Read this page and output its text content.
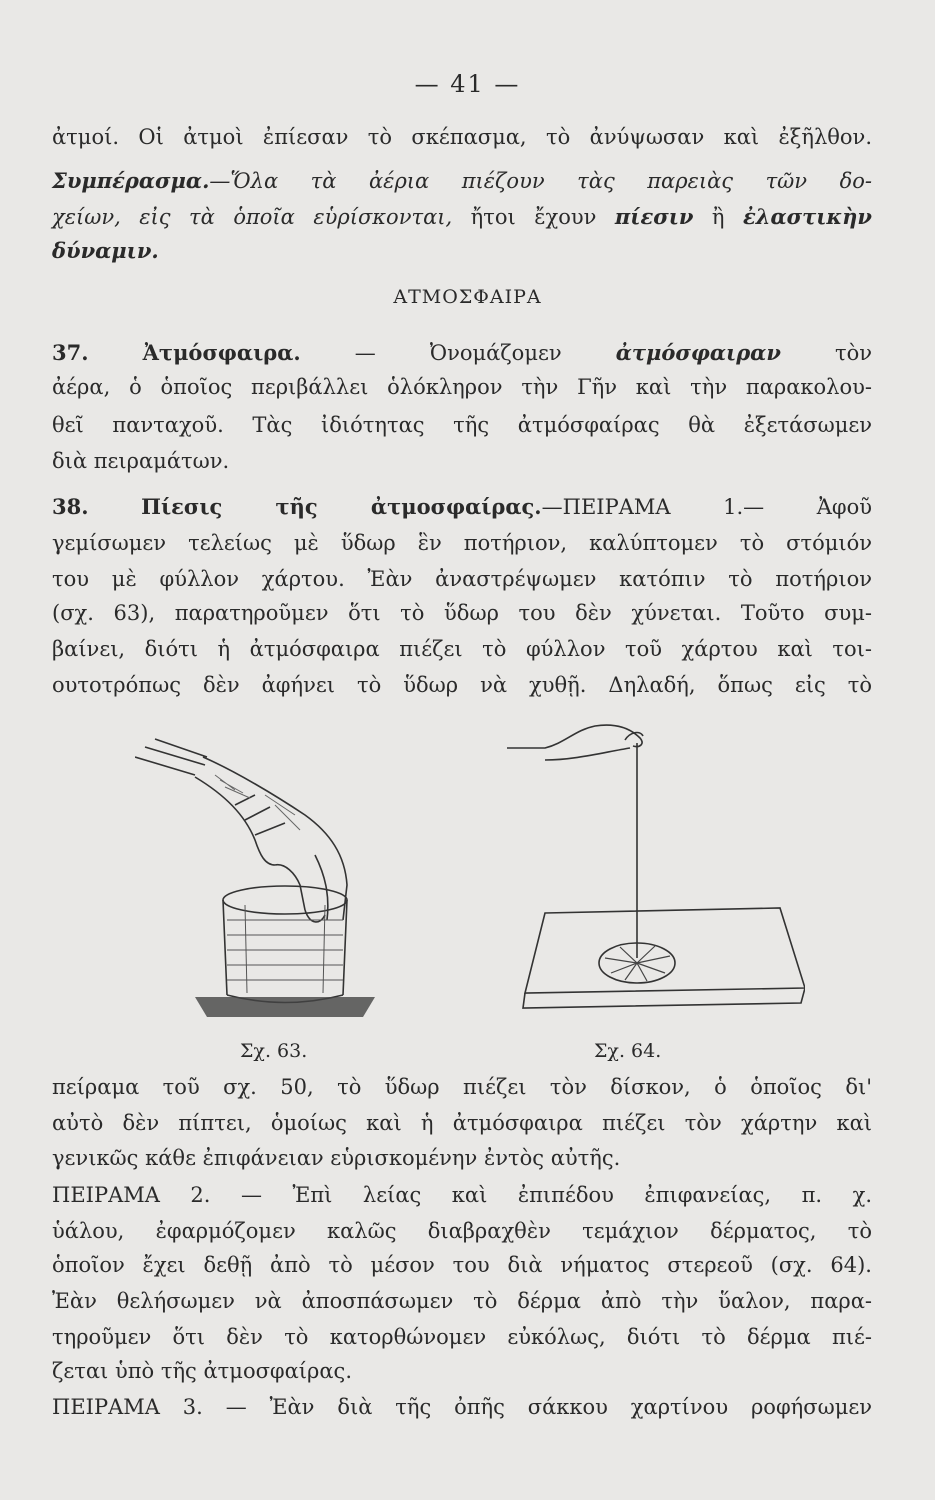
— 41 —
ἀτμοί. Οἱ ἀτμοὶ ἐπίεσαν τὸ σκέπασμα, τὸ ἀνύψωσαν καὶ ἐξῆλθον.
Συμπέρασμα.—Ὅλα τὰ ἀέρια πιέζουν τὰς παρειὰς τῶν δο-
χείων, εἰς τὰ ὁποῖα εὑρίσκονται, ἤτοι ἔχουν πίεσιν ἢ ἐλαστικὴν
δύναμιν.
ΑΤΜΟΣΦΑΙΡΑ
37.	Ἀτμόσφαιρα. — Ὀνομάζομεν ἀτμόσφαιραν τὸν
ἀέρα, ὁ ὁποῖος περιβάλλει ὁλόκληρον τὴν Γῆν καὶ τὴν παρακολου-
θεῖ πανταχοῦ. Τὰς ἰδιότητας τῆς ἀτμόσφαίρας θὰ ἐξετάσωμεν
διὰ πειραμάτων.
38.	Πίεσις τῆς ἀτμοσφαίρας.—ΠΕΙΡΑΜΑ 1.— Ἀφοῦ
γεμίσωμεν τελείως μὲ ὕδωρ ἓν ποτήριον, καλύπτομεν τὸ στόμιόν
του μὲ φύλλον χάρτου. Ἐὰν ἀναστρέψωμεν κατόπιν τὸ ποτήριον
(σχ. 63), παρατηροῦμεν ὅτι τὸ ὕδωρ του δὲν χύνεται. Τοῦτο συμ-
βαίνει, διότι ἡ ἀτμόσφαιρα πιέζει τὸ φύλλον τοῦ χάρτου καὶ τοι-
ουτοτρόπως δὲν ἀφήνει τὸ ὕδωρ νὰ χυθῇ. Δηλαδή, ὅπως εἰς τὸ
Σχ. 63.	Σχ. 64.
πείραμα τοῦ σχ. 50, τὸ ὕδωρ πιέζει τὸν δίσκον, ὁ ὁποῖος δι'
αὐτὸ δὲν πίπτει, ὁμοίως καὶ ἡ ἀτμόσφαιρα πιέζει τὸν χάρτην καὶ
γενικῶς κάθε ἐπιφάνειαν εὑρισκομένην ἐντὸς αὐτῆς.
ΠΕΙΡΑΜΑ 2. — Ἐπὶ λείας καὶ ἐπιπέδου ἐπιφανείας, π. χ.
ὑάλου, ἐφαρμόζομεν καλῶς διαβραχθὲν τεμάχιον δέρματος, τὸ
ὁποῖον ἔχει δεθῇ ἀπὸ τὸ μέσον του διὰ νήματος στερεοῦ (σχ. 64).
Ἐὰν θελήσωμεν νὰ ἀποσπάσωμεν τὸ δέρμα ἀπὸ τὴν ὕαλον, παρα-
τηροῦμεν ὅτι δὲν τὸ κατορθώνομεν εὐκόλως, διότι τὸ δέρμα πιέ-
ζεται ὑπὸ τῆς ἀτμοσφαίρας.
ΠΕΙΡΑΜΑ 3. — Ἐὰν διὰ τῆς ὀπῆς σάκκου χαρτίνου ροφήσωμεν
